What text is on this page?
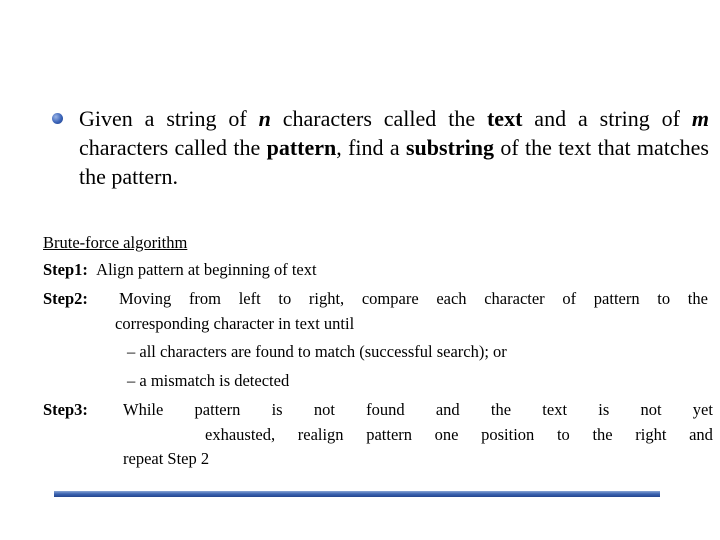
Given a string of n characters called the text and a string of m characters called the pattern, find a substring of the text that matches the pattern.
Brute-force algorithm
Step1: Align pattern at beginning of text
Step2: Moving from left to right, compare each character of pattern to the
corresponding character in text until
– all characters are found to match (successful search); or
– a mismatch is detected
Step3: While pattern is not found and the text is not yet
exhausted, realign pattern one position to the right and
repeat Step 2
